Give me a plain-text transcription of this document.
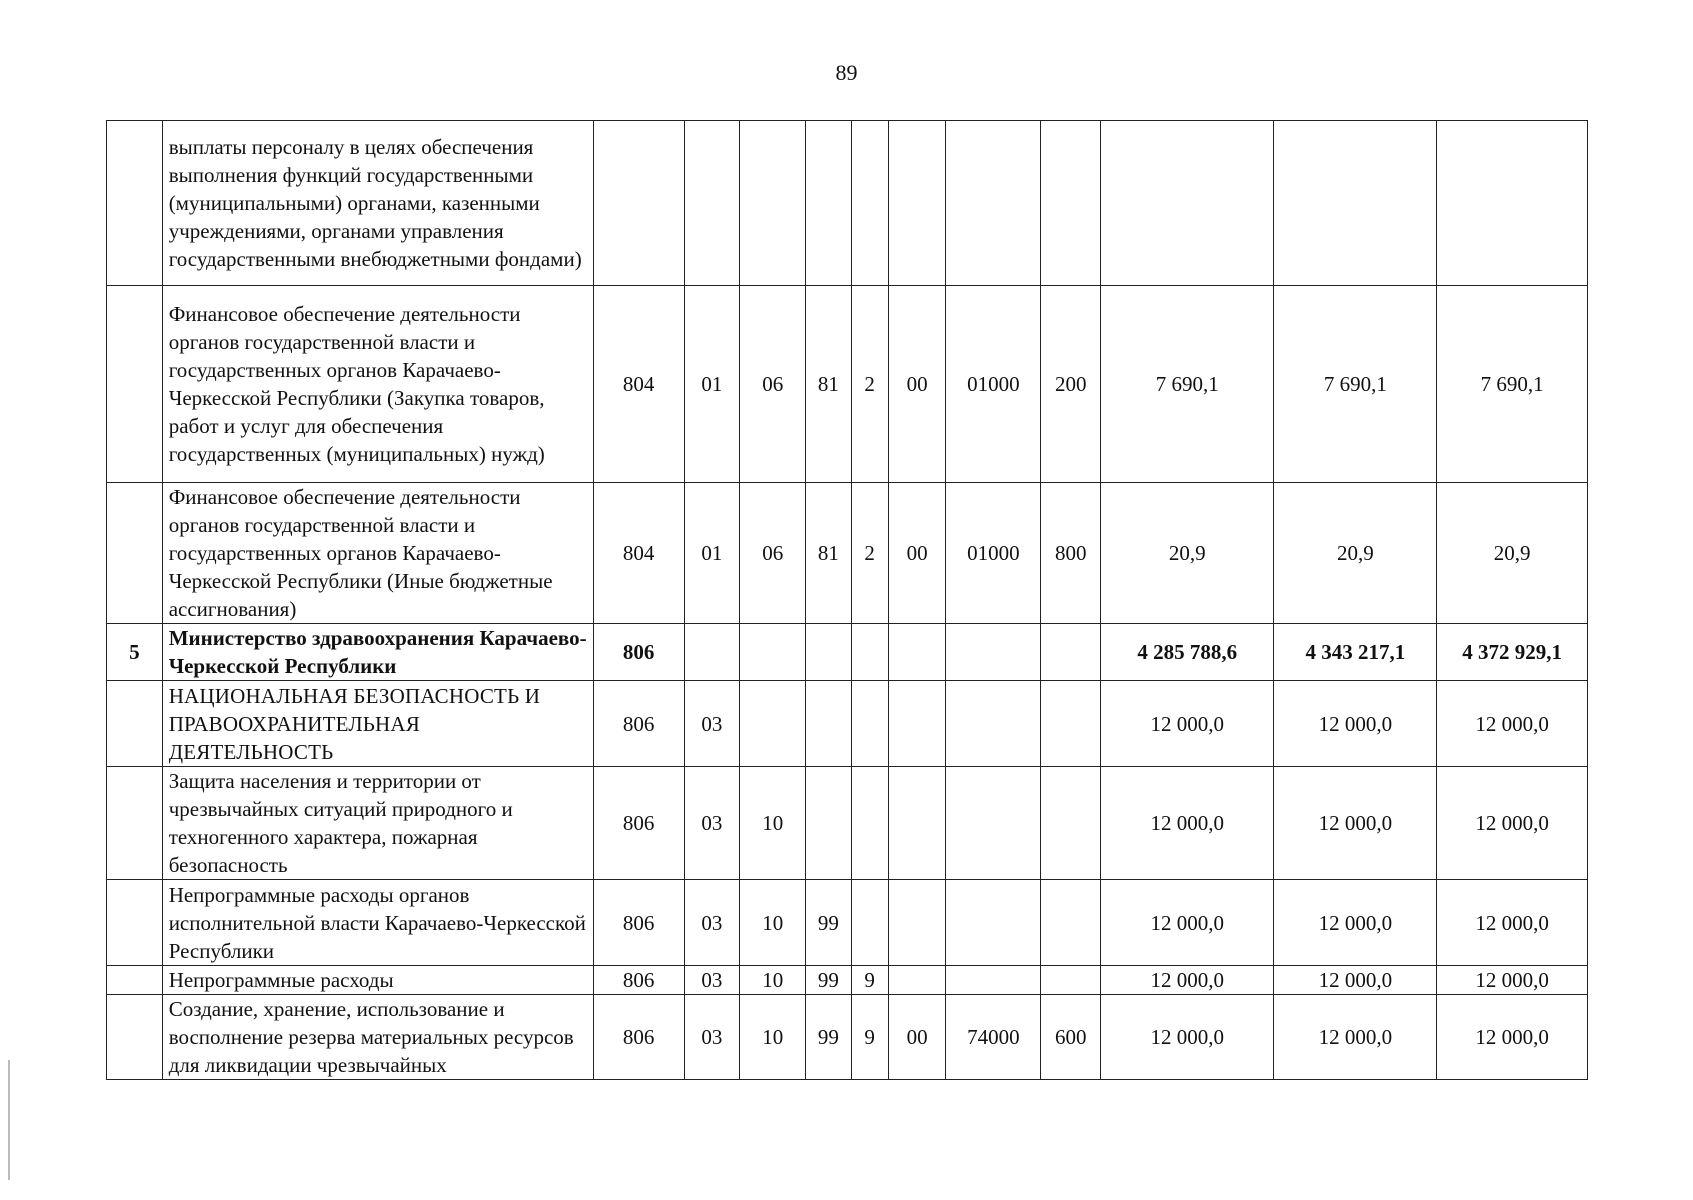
89
	выплаты персоналу в целях обеспечения выполнения функций государственными (муниципальными) органами, казенными учреждениями, органами управления государственными внебюджетными фондами)											
	Финансовое обеспечение деятельности органов государственной власти и государственных органов Карачаево-Черкесской Республики (Закупка товаров, работ и услуг для обеспечения государственных (муниципальных) нужд)	804	01	06	81	2	00	01000	200	7 690,1	7 690,1	7 690,1
	Финансовое обеспечение деятельности органов государственной власти и государственных органов Карачаево-Черкесской Республики (Иные бюджетные ассигнования)	804	01	06	81	2	00	01000	800	20,9	20,9	20,9
5	Министерство здравоохранения Карачаево-Черкесской Республики	806								4 285 788,6	4 343 217,1	4 372 929,1
	НАЦИОНАЛЬНАЯ БЕЗОПАСНОСТЬ И ПРАВООХРАНИТЕЛЬНАЯ ДЕЯТЕЛЬНОСТЬ	806	03							12 000,0	12 000,0	12 000,0
	Защита населения и территории от чрезвычайных ситуаций природного и техногенного характера, пожарная безопасность	806	03	10						12 000,0	12 000,0	12 000,0
	Непрограммные расходы органов исполнительной власти Карачаево-Черкесской Республики	806	03	10	99					12 000,0	12 000,0	12 000,0
	Непрограммные расходы	806	03	10	99	9				12 000,0	12 000,0	12 000,0
	Создание, хранение, использование и восполнение резерва материальных ресурсов для ликвидации чрезвычайных	806	03	10	99	9	00	74000	600	12 000,0	12 000,0	12 000,0
